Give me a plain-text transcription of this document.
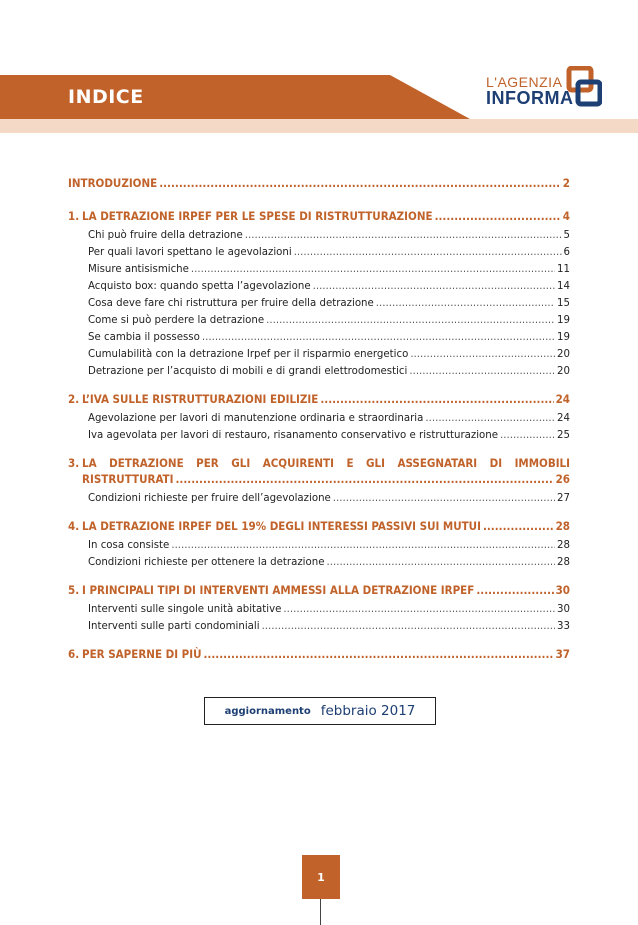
INDICE
L'AGENZIA
INFORMA
INTRODUZIONE .....	2
1. LA DETRAZIONE IRPEF PER LE SPESE DI RISTRUTTURAZIONE .....	4
Chi può fruire della detrazione .....	5
Per quali lavori spettano le agevolazioni .....	6
Misure antisismiche .....	11
Acquisto box: quando spetta l’agevolazione .....	14
Cosa deve fare chi ristruttura per fruire della detrazione .....	15
Come si può perdere la detrazione .....	19
Se cambia il possesso .....	19
Cumulabilità con la detrazione Irpef per il risparmio energetico .....	20
Detrazione per l’acquisto di mobili e di grandi elettrodomestici .....	20
2. L’IVA SULLE RISTRUTTURAZIONI EDILIZIE .....	24
Agevolazione per lavori di manutenzione ordinaria e straordinaria .....	24
Iva agevolata per lavori di restauro, risanamento conservativo e ristrutturazione .....	25
3. LA DETRAZIONE PER GLI ACQUIRENTI E GLI ASSEGNATARI DI IMMOBILI
RISTRUTTURATI .....	26
Condizioni richieste per fruire dell’agevolazione .....	27
4. LA DETRAZIONE IRPEF DEL 19% DEGLI INTERESSI PASSIVI SUI MUTUI .....	28
In cosa consiste .....	28
Condizioni richieste per ottenere la detrazione .....	28
5. I PRINCIPALI TIPI DI INTERVENTI AMMESSI ALLA DETRAZIONE IRPEF .....	30
Interventi sulle singole unità abitative .....	30
Interventi sulle parti condominiali .....	33
6. PER SAPERNE DI PIÙ .....	37
aggiornamento febbraio 2017
1
